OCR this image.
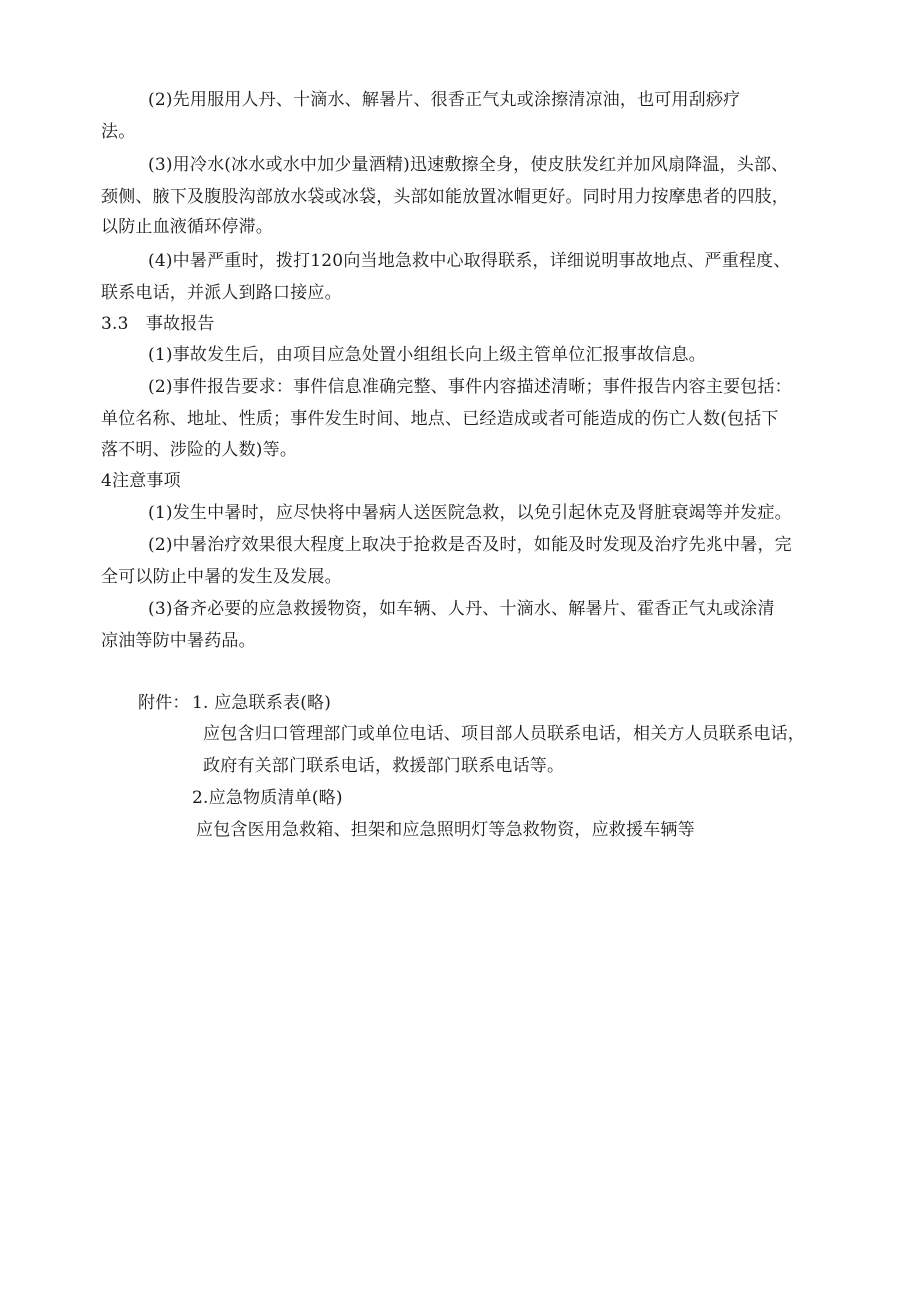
(2)先用服用人丹、十滴水、解暑片、很香正气丸或涂擦清凉油，也可用刮痧疗
法。
(3)用冷水(冰水或水中加少量酒精)迅速敷擦全身，使皮肤发红并加风扇降温，头部、
颈侧、腋下及腹股沟部放水袋或冰袋，头部如能放置冰帽更好。同时用力按摩患者的四肢，
以防止血液循环停滞。
(4)中暑严重时，拨打120向当地急救中心取得联系，详细说明事故地点、严重程度、
联系电话，并派人到路口接应。
3.3　事故报告
(1)事故发生后，由项目应急处置小组组长向上级主管单位汇报事故信息。
(2)事件报告要求：事件信息准确完整、事件内容描述清晰；事件报告内容主要包括：
单位名称、地址、性质；事件发生时间、地点、已经造成或者可能造成的伤亡人数(包括下
落不明、涉险的人数)等。
4注意事项
(1)发生中暑时，应尽快将中暑病人送医院急救，以免引起休克及肾脏衰竭等并发症。
(2)中暑治疗效果很大程度上取决于抢救是否及时，如能及时发现及治疗先兆中暑，完
全可以防止中暑的发生及发展。
(3)备齐必要的应急救援物资，如车辆、人丹、十滴水、解暑片、霍香正气丸或涂清
凉油等防中暑药品。
附件： 1. 应急联系表(略)
应包含归口管理部门或单位电话、项目部人员联系电话，相关方人员联系电话，
政府有关部门联系电话，救援部门联系电话等。
2.应急物质清单(略)
应包含医用急救箱、担架和应急照明灯等急救物资，应救援车辆等
